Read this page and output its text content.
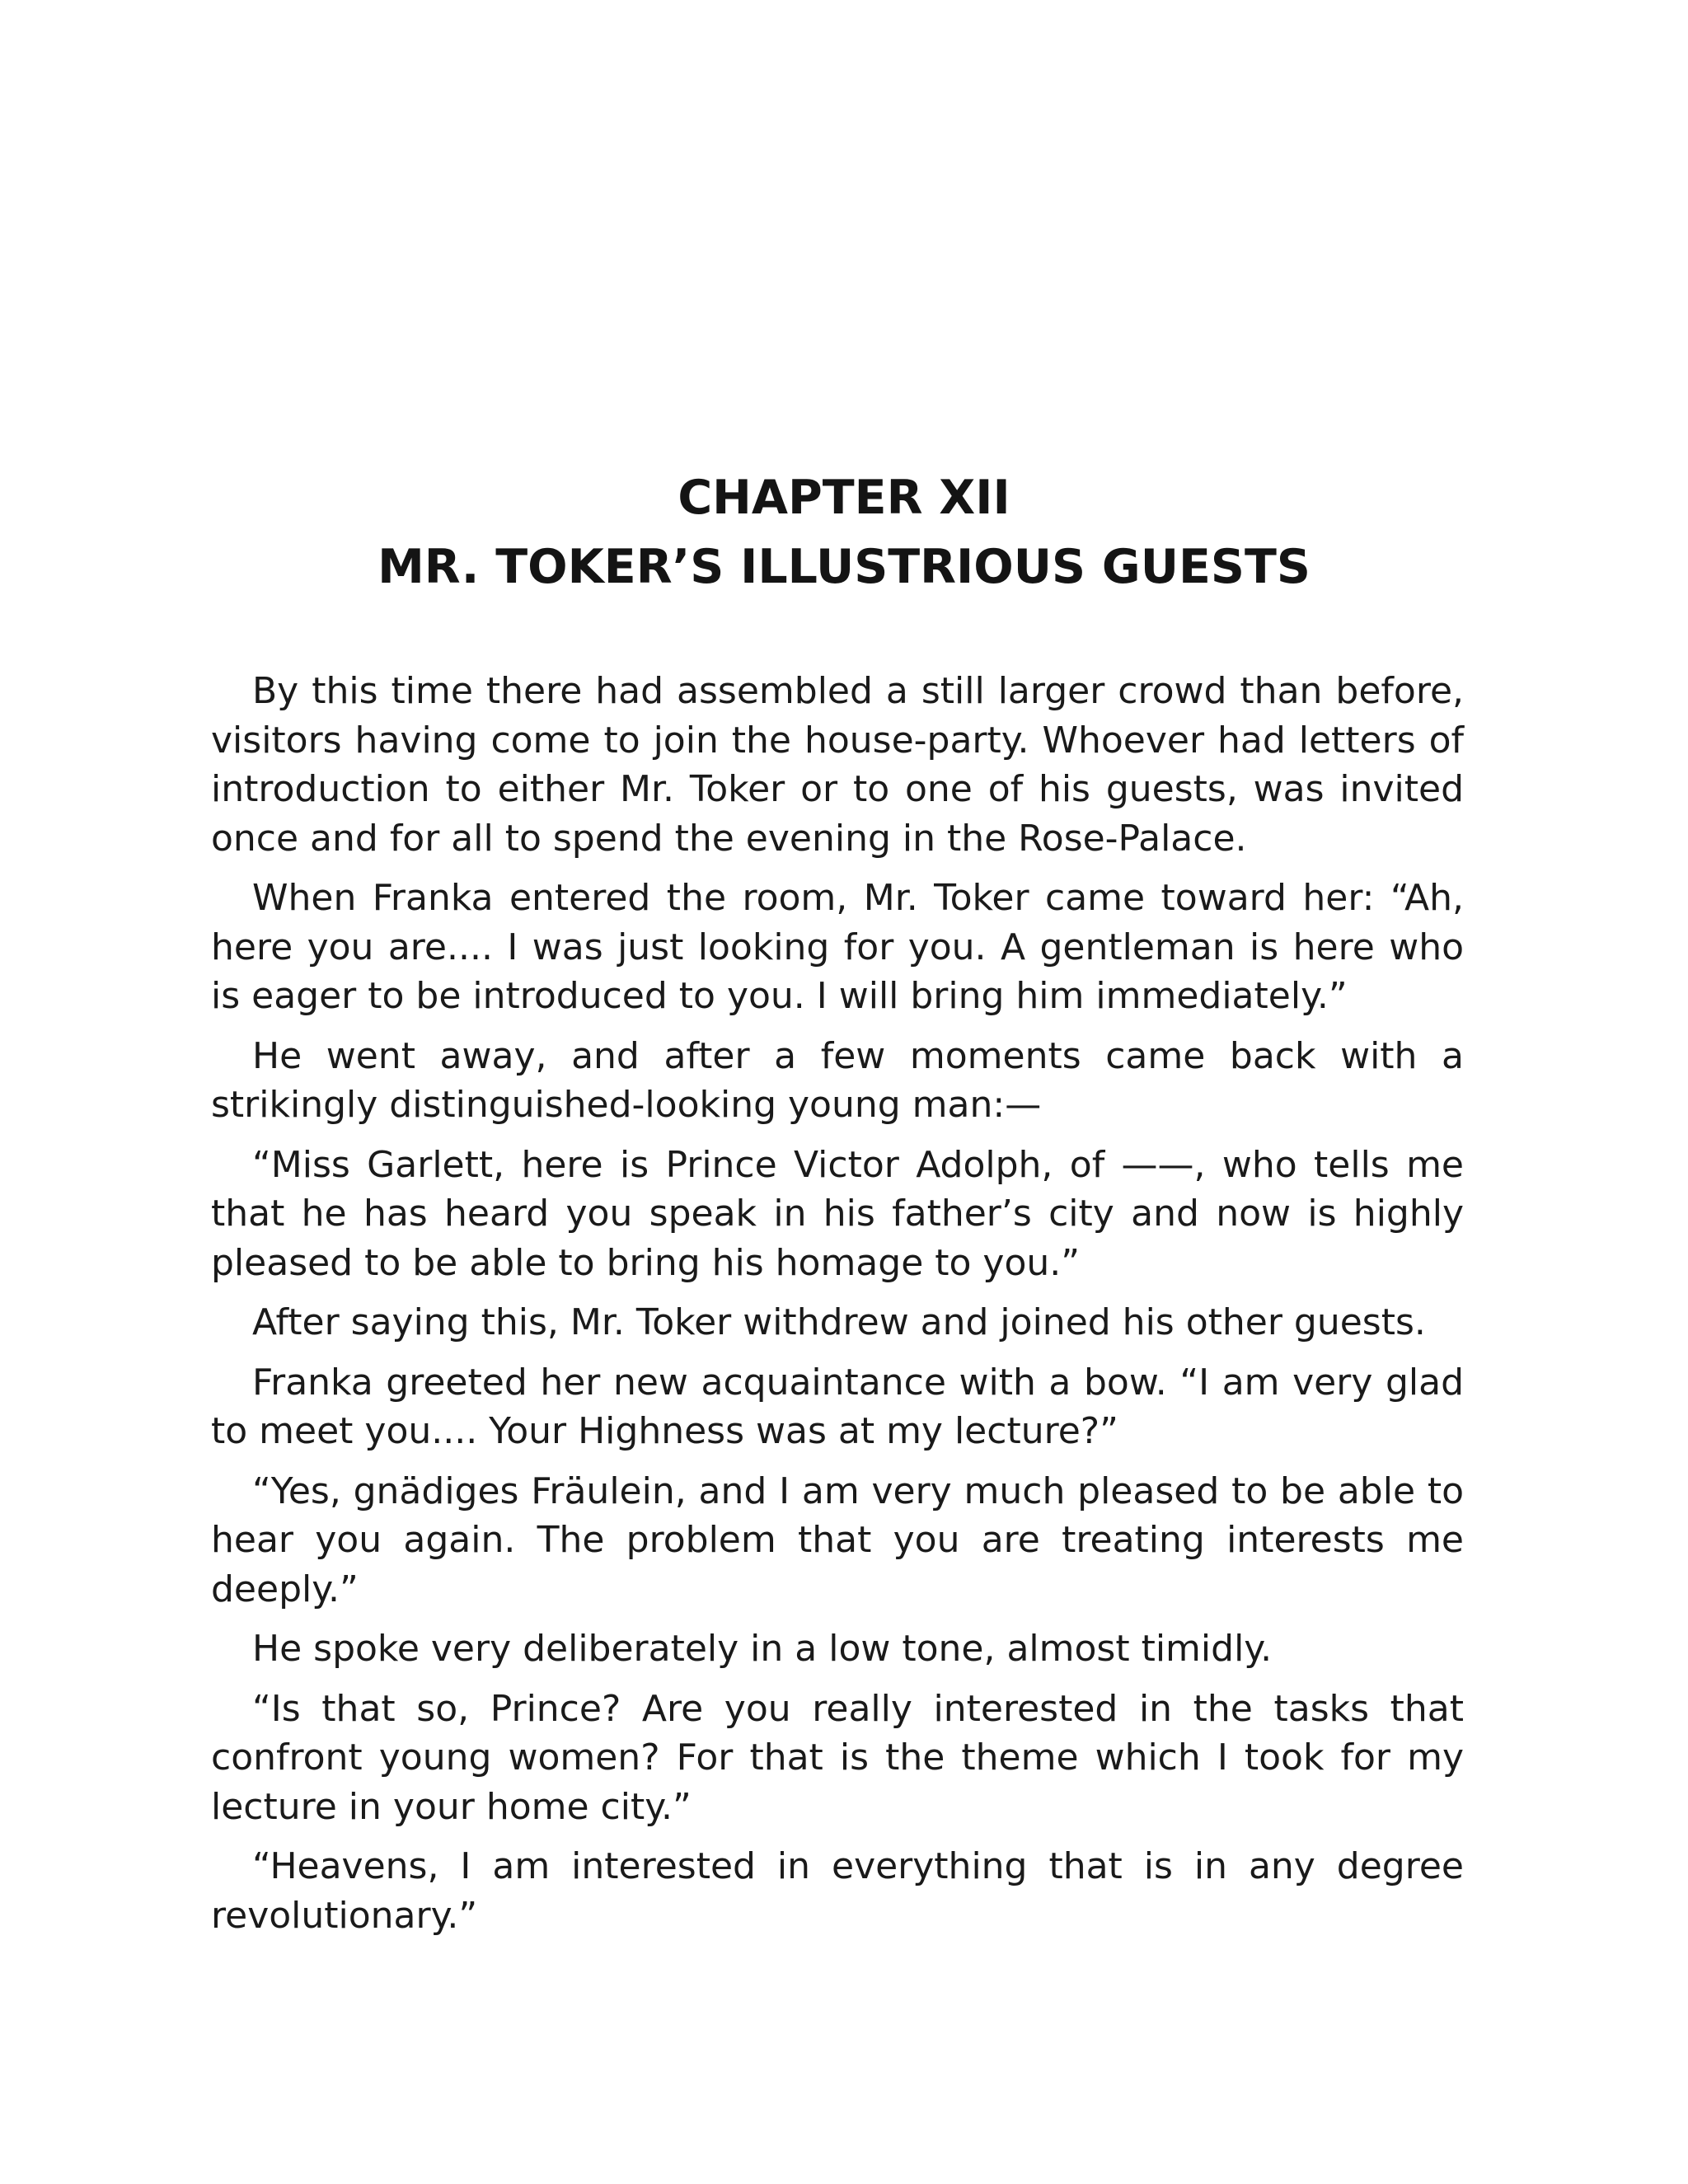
CHAPTER XII
MR. TOKER’S ILLUSTRIOUS GUESTS

By this time there had assembled a still larger crowd than before, visitors having come to join the house-party. Whoever had letters of introduction to either Mr. Toker or to one of his guests, was invited once and for all to spend the evening in the Rose-Palace.

When Franka entered the room, Mr. Toker came toward her: “Ah, here you are.... I was just looking for you. A gentleman is here who is eager to be introduced to you. I will bring him immediately.”

He went away, and after a few moments came back with a strikingly distinguished-looking young man:—

“Miss Garlett, here is Prince Victor Adolph, of ——, who tells me that he has heard you speak in his father’s city and now is highly pleased to be able to bring his homage to you.”

After saying this, Mr. Toker withdrew and joined his other guests.

Franka greeted her new acquaintance with a bow. “I am very glad to meet you.... Your Highness was at my lecture?”

“Yes, gnädiges Fräulein, and I am very much pleased to be able to hear you again. The problem that you are treating interests me deeply.”

He spoke very deliberately in a low tone, almost timidly.

“Is that so, Prince? Are you really interested in the tasks that confront young women? For that is the theme which I took for my lecture in your home city.”

“Heavens, I am interested in everything that is in any degree revolutionary.”
